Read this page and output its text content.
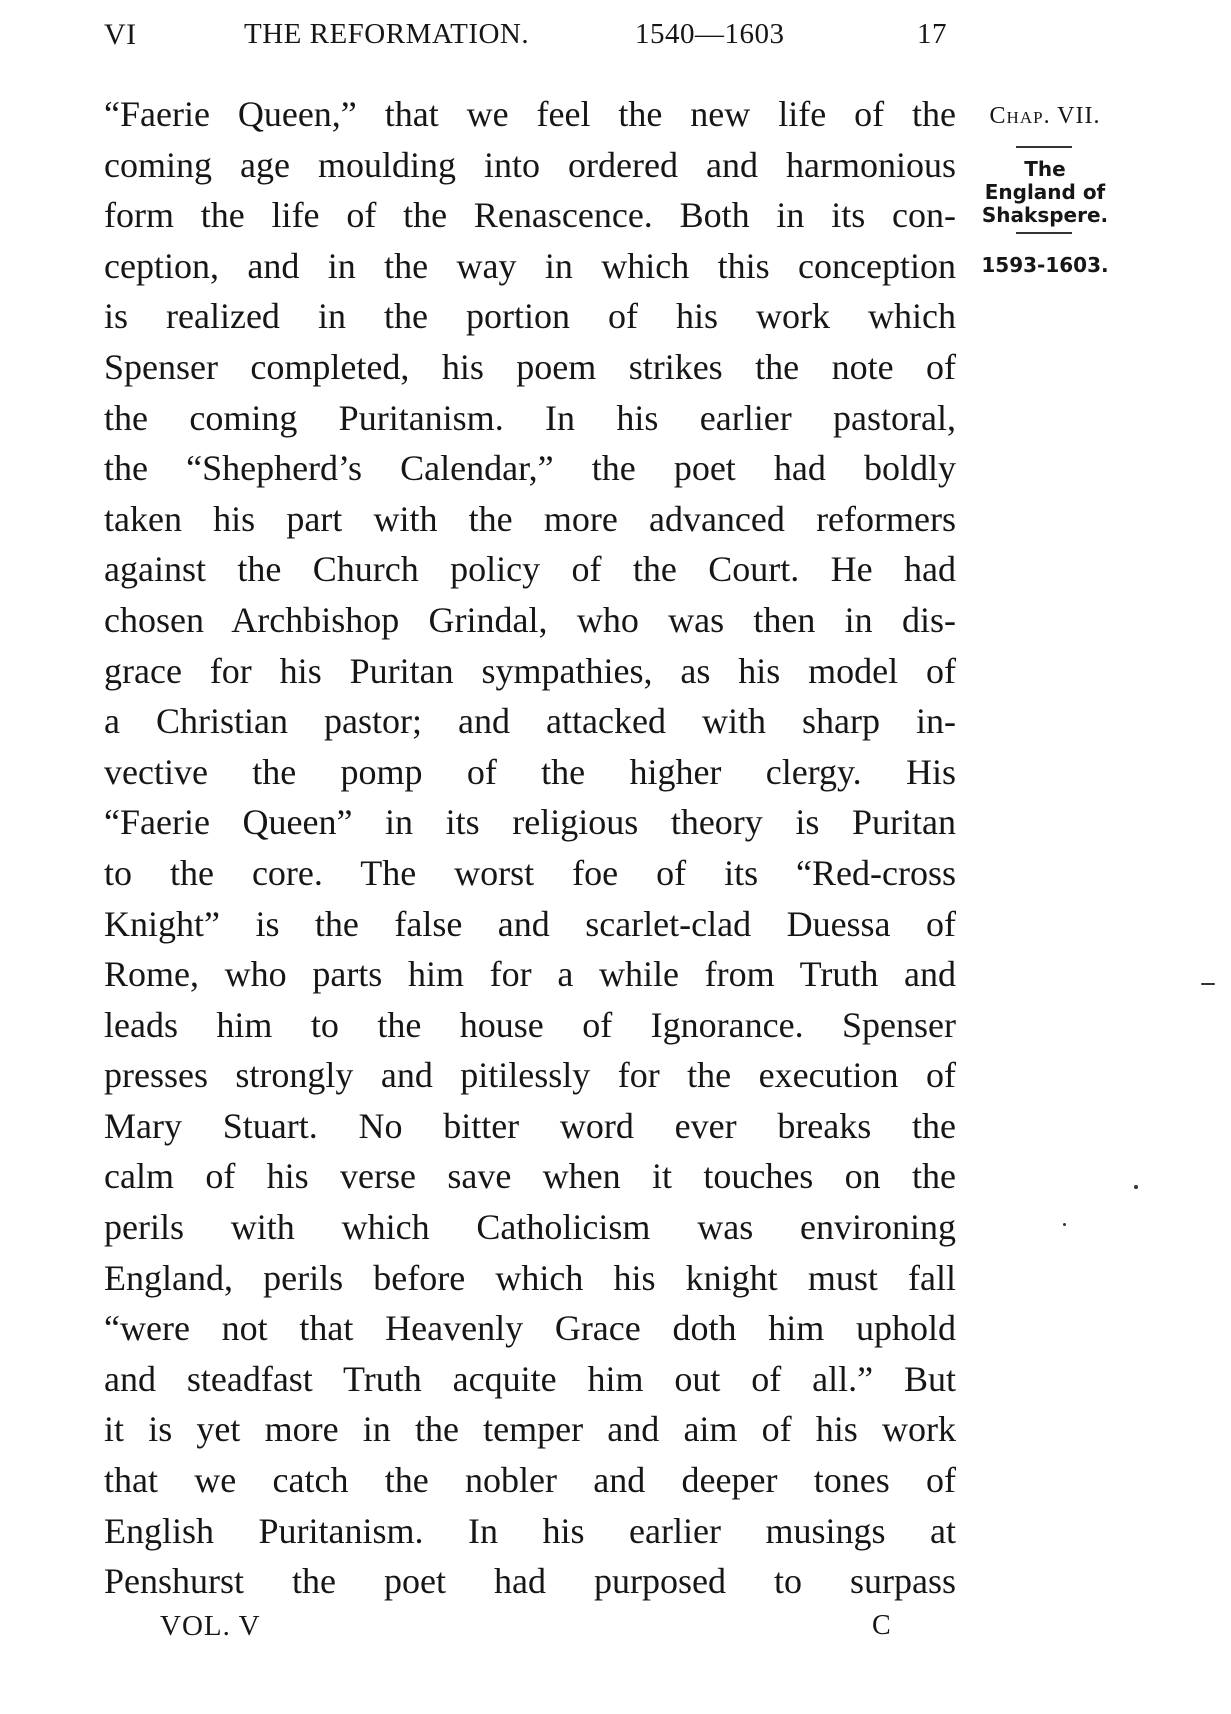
VI	THE REFORMATION.	1540—1603	17
“Faerie Queen,” that we feel the new life of the
coming age moulding into ordered and harmonious
form the life of the Renascence. Both in its con-
ception, and in the way in which this conception
is realized in the portion of his work which
Spenser completed, his poem strikes the note of
the coming Puritanism. In his earlier pastoral,
the “Shepherd’s Calendar,” the poet had boldly
taken his part with the more advanced reformers
against the Church policy of the Court. He had
chosen Archbishop Grindal, who was then in dis-
grace for his Puritan sympathies, as his model of
a Christian pastor; and attacked with sharp in-
vective the pomp of the higher clergy. His
“Faerie Queen” in its religious theory is Puritan
to the core. The worst foe of its “Red-cross
Knight” is the false and scarlet-clad Duessa of
Rome, who parts him for a while from Truth and
leads him to the house of Ignorance. Spenser
presses strongly and pitilessly for the execution of
Mary Stuart. No bitter word ever breaks the
calm of his verse save when it touches on the
perils with which Catholicism was environing
England, perils before which his knight must fall
“were not that Heavenly Grace doth him uphold
and steadfast Truth acquite him out of all.” But
it is yet more in the temper and aim of his work
that we catch the nobler and deeper tones of
English Puritanism. In his earlier musings at
Penshurst the poet had purposed to surpass
Chap. VII.
The
England of
Shakspere.
1593-1603.
VOL. V	C
